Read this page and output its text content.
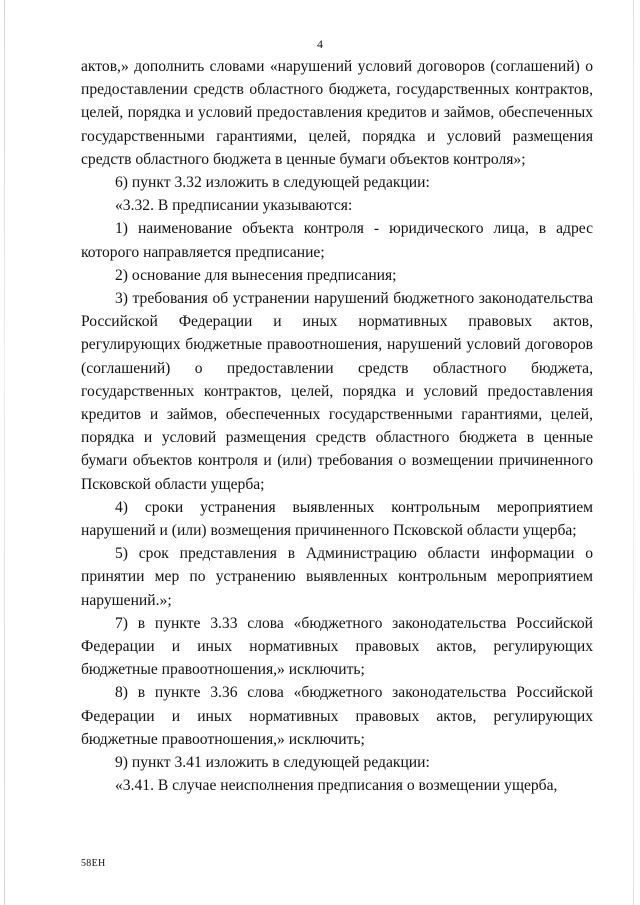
4

актов,» дополнить словами «нарушений условий договоров (соглашений) о предоставлении средств областного бюджета, государственных контрактов, целей, порядка и условий предоставления кредитов и займов, обеспеченных государственными гарантиями, целей, порядка и условий размещения средств областного бюджета в ценные бумаги объектов контроля»;

6) пункт 3.32 изложить в следующей редакции:

«3.32. В предписании указываются:

1) наименование объекта контроля - юридического лица, в адрес которого направляется предписание;

2) основание для вынесения предписания;

3) требования об устранении нарушений бюджетного законодательства Российской Федерации и иных нормативных правовых актов, регулирующих бюджетные правоотношения, нарушений условий договоров (соглашений) о предоставлении средств областного бюджета, государственных контрактов, целей, порядка и условий предоставления кредитов и займов, обеспеченных государственными гарантиями, целей, порядка и условий размещения средств областного бюджета в ценные бумаги объектов контроля и (или) требования о возмещении причиненного Псковской области ущерба;

4) сроки устранения выявленных контрольным мероприятием нарушений и (или) возмещения причиненного Псковской области ущерба;

5) срок представления в Администрацию области информации о принятии мер по устранению выявленных контрольным мероприятием нарушений.»;

7) в пункте 3.33 слова «бюджетного законодательства Российской Федерации и иных нормативных правовых актов, регулирующих бюджетные правоотношения,» исключить;

8) в пункте 3.36 слова «бюджетного законодательства Российской Федерации и иных нормативных правовых актов, регулирующих бюджетные правоотношения,» исключить;

9) пункт 3.41 изложить в следующей редакции:

«3.41. В случае неисполнения предписания о возмещении ущерба,

58ЕН
